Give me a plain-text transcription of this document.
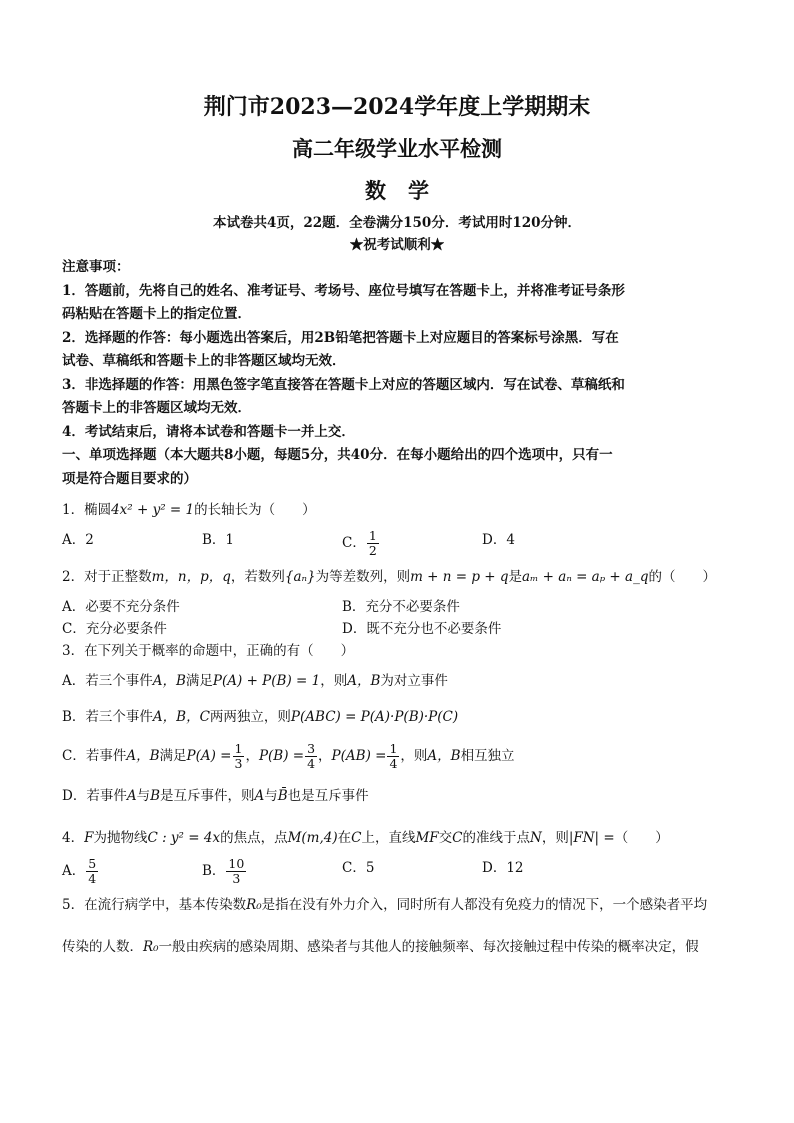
荆门市2023—2024学年度上学期期末
高二年级学业水平检测
数学
本试卷共4页，22题．全卷满分150分．考试用时120分钟．
★祝考试顺利★
注意事项：
1．答题前，先将自己的姓名、准考证号、考场号、座位号填写在答题卡上，并将准考证号条形
码粘贴在答题卡上的指定位置．
2．选择题的作答：每小题选出答案后，用2B铅笔把答题卡上对应题目的答案标号涂黑．写在
试卷、草稿纸和答题卡上的非答题区域均无效．
3．非选择题的作答：用黑色签字笔直接答在答题卡上对应的答题区域内．写在试卷、草稿纸和
答题卡上的非答题区域均无效．
4．考试结束后，请将本试卷和答题卡一并上交．
一、单项选择题（本大题共8小题，每题5分，共40分．在每小题给出的四个选项中，只有一
项是符合题目要求的）
1．椭圆4x² + y² = 1的长轴长为（　　）
A．2	B．1	C． $\frac{1}{2}$	D．4
2．对于正整数m，n，p，q，若数列{aₙ}为等差数列，则m + n = p + q是aₘ + aₙ = aₚ + a_q的（　　）
A．必要不充分条件	B．充分不必要条件
C．充分必要条件	D．既不充分也不必要条件
3．在下列关于概率的命题中，正确的有（　　）
A．若三个事件A，B满足P(A) + P(B) = 1，则A，B为对立事件
B．若三个事件A，B，C两两独立，则P(ABC) = P(A)·P(B)·P(C)
C．若事件A，B满足$P(A) = \frac{1}{3}$ ，$P(B) = \frac{3}{4}$ ，$P(AB) = \frac{1}{4}$ ，则A，B相互独立
D．若事件A与B是互斥事件，则A与B̄也是互斥事件
4．F为抛物线C : y² = 4x的焦点，点M(m,4)在C上，直线MF交C的准线于点N，则|FN| =（　　）
A． $\frac{5}{4}$	B． $\frac{10}{3}$	C．5	D．12
5．在流行病学中，基本传染数R₀是指在没有外力介入，同时所有人都没有免疫力的情况下，一个感染者平均
传染的人数．R₀一般由疾病的感染周期、感染者与其他人的接触频率、每次接触过程中传染的概率决定，假
